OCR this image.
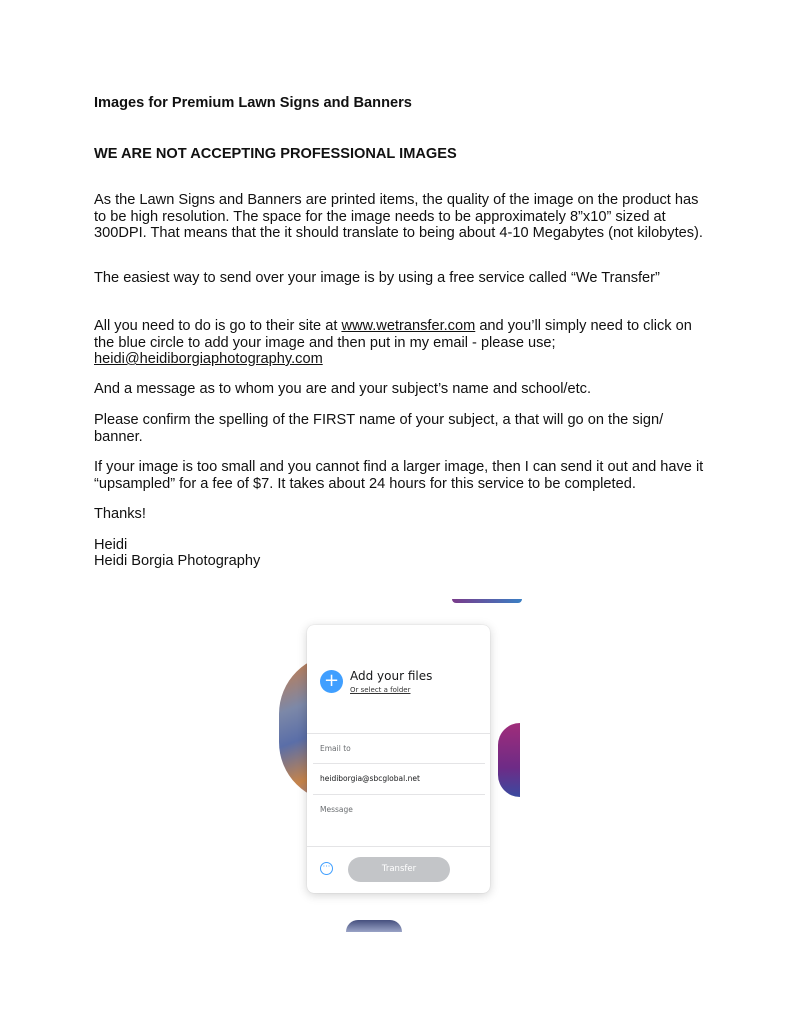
Images for Premium Lawn Signs and Banners

WE ARE NOT ACCEPTING PROFESSIONAL IMAGES

As the Lawn Signs and Banners are printed items, the quality of the image on the product has to be high resolution. The space for the image needs to be approximately 8”x10” sized at 300DPI. That means that the it should translate to being about 4-10 Megabytes (not kilobytes).

The easiest way to send over your image is by using a free service called “We Transfer”

All you need to do is go to their site at www.wetransfer.com and you’ll simply need to click on the blue circle to add your image and then put in my email - please use; heidi@heidiborgiaphotography.com

And a message as to whom you are and your subject’s name and school/etc.

Please confirm the spelling of the FIRST name of your subject, a that will go on the sign/ banner.

If your image is too small and you cannot find a larger image, then I can send it out and have it “upsampled” for a fee of $7. It takes about 24 hours for this service to be completed.

Thanks!

Heidi

Heidi Borgia Photography

+ Add your files
Or select a folder
Email to
heidiborgia@sbcglobal.net
Message
···	Transfer
